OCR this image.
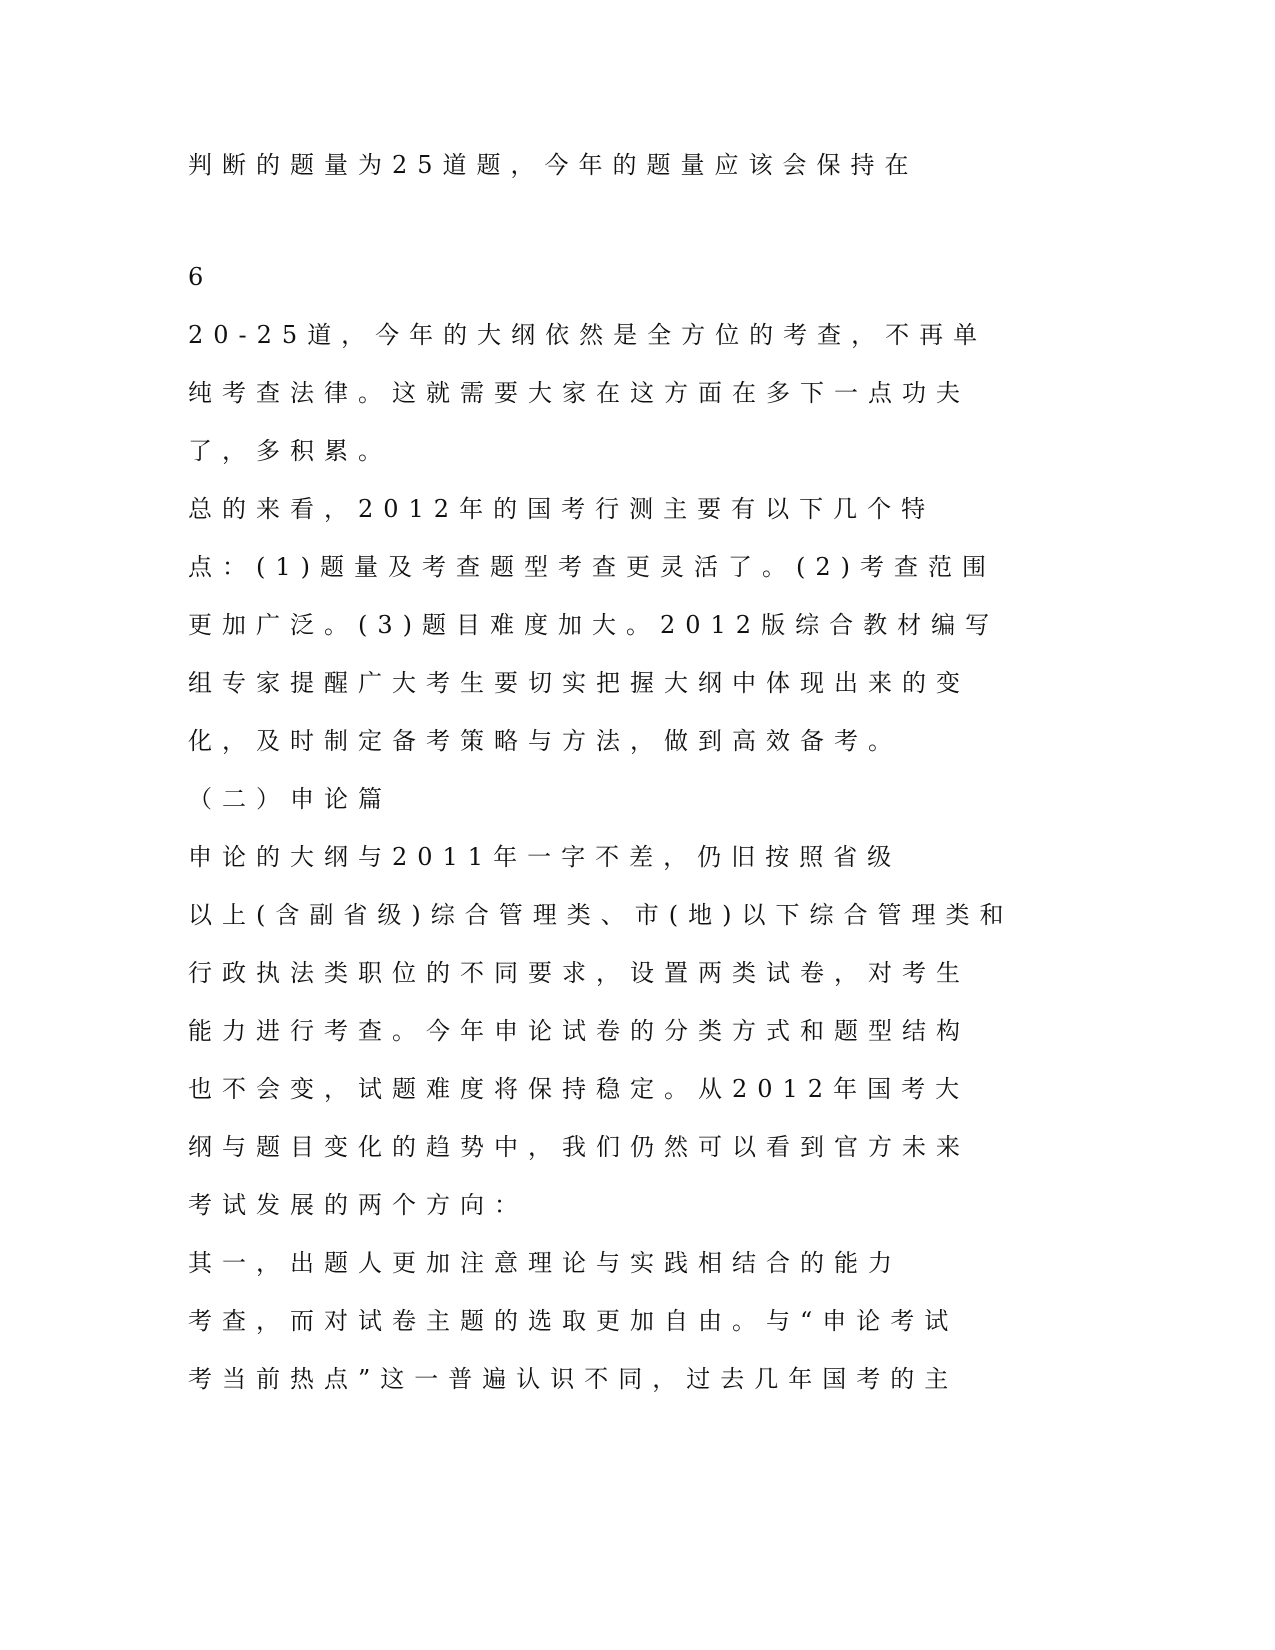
判断的题量为25道题，今年的题量应该会保持在
6
20-25道，今年的大纲依然是全方位的考查，不再单
纯考查法律。这就需要大家在这方面在多下一点功夫
了，多积累。
总的来看，2012年的国考行测主要有以下几个特
点：(1)题量及考查题型考查更灵活了。(2)考查范围
更加广泛。(3)题目难度加大。2012版综合教材编写
组专家提醒广大考生要切实把握大纲中体现出来的变
化，及时制定备考策略与方法，做到高效备考。
（二）申论篇
申论的大纲与2011年一字不差，仍旧按照省级
以上(含副省级)综合管理类、市(地)以下综合管理类和
行政执法类职位的不同要求，设置两类试卷，对考生
能力进行考查。今年申论试卷的分类方式和题型结构
也不会变，试题难度将保持稳定。从2012年国考大
纲与题目变化的趋势中，我们仍然可以看到官方未来
考试发展的两个方向：
其一，出题人更加注意理论与实践相结合的能力
考查，而对试卷主题的选取更加自由。与“申论考试
考当前热点”这一普遍认识不同，过去几年国考的主
